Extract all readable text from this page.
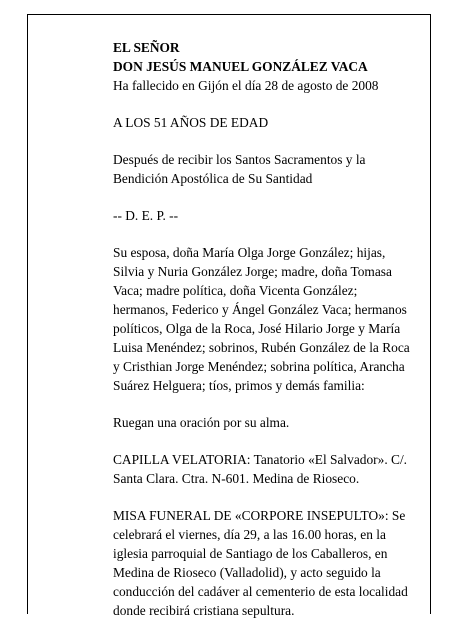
EL SEÑOR

DON JESÚS MANUEL GONZÁLEZ VACA

Ha fallecido en Gijón el día 28 de agosto de 2008

A LOS 51 AÑOS DE EDAD

Después de recibir los Santos Sacramentos y la

Bendición Apostólica de Su Santidad

-- D. E. P. --

Su esposa, doña María Olga Jorge González; hijas,

Silvia y Nuria González Jorge; madre, doña Tomasa

Vaca; madre política, doña Vicenta González;

hermanos, Federico y Ángel González Vaca; hermanos

políticos, Olga de la Roca, José Hilario Jorge y María

Luisa Menéndez; sobrinos, Rubén González de la Roca

y Cristhian Jorge Menéndez; sobrina política, Arancha

Suárez Helguera; tíos, primos y demás familia:

Ruegan una oración por su alma.

CAPILLA VELATORIA: Tanatorio «El Salvador». C/.

Santa Clara. Ctra. N-601. Medina de Rioseco.

MISA FUNERAL DE «CORPORE INSEPULTO»: Se

celebrará el viernes, día 29, a las 16.00 horas, en la

iglesia parroquial de Santiago de los Caballeros, en

Medina de Rioseco (Valladolid), y acto seguido la

conducción del cadáver al cementerio de esta localidad

donde recibirá cristiana sepultura.
